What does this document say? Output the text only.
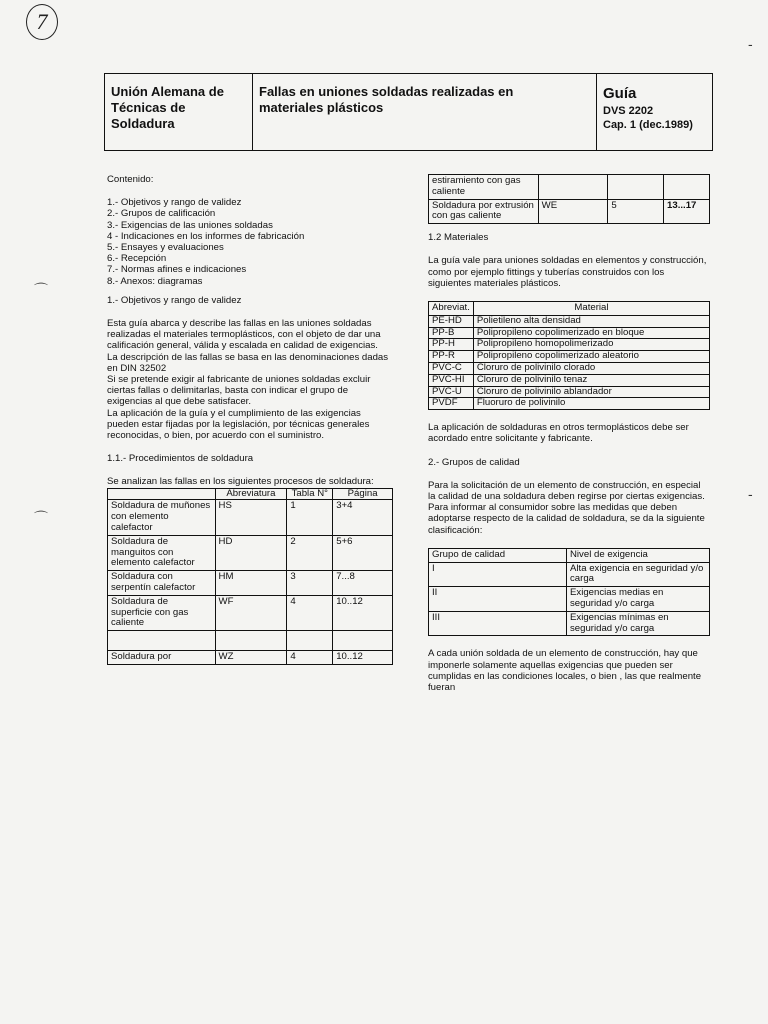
7
Unión Alemana de
Técnicas de
Soldadura
Fallas en uniones soldadas realizadas en
materiales plásticos
Guía
DVS 2202
Cap. 1 (dec.1989)

Contenido:

1.- Objetivos y rango de validez

2.- Grupos de calificación

3.- Exigencias de las uniones soldadas

4 - Indicaciones en los informes de fabricación

5.- Ensayes y evaluaciones

6.- Recepción

7.- Normas afines e indicaciones

8.- Anexos: diagramas

1.- Objetivos y rango de validez

Esta guía abarca y describe las fallas en las uniones soldadas realizadas el materiales termoplásticos, con el objeto de dar una calificación general, válida y escalada en calidad de exigencias.

La descripción de las fallas se basa en las denominaciones dadas en DIN 32502

Si se pretende exigir al fabricante de uniones soldadas excluir ciertas fallas o delimitarlas, basta con indicar el grupo de exigencias al que debe satisfacer.

La aplicación de la guía y el cumplimiento de las exigencias pueden estar fijadas por la legislación, por técnicas generales reconocidas, o bien, por acuerdo con el suministro.

1.1.- Procedimientos de soldadura

Se analizan las fallas en los siguientes procesos de soldadura:

	Abreviatura	Tabla N°	Página
Soldadura de muñones con elemento calefactor	HS	1	3+4
Soldadura de manguitos con elemento calefactor	HD	2	5+6
Soldadura con serpentín calefactor	HM	3	7...8
Soldadura de superficie con gas caliente	WF	4	10..12

Soldadura por	WZ	4	10..12
estiramiento con gas caliente			
Soldadura por extrusión con gas caliente	WE	5	13...17

1.2 Materiales

La guía vale para uniones soldadas en elementos y construcción, como por ejemplo fittings y tuberías construidos con los siguientes materiales plásticos.

Abreviat.	Material
PE-HD	Polietileno alta densidad
PP-B	Polipropileno copolimerizado en bloque
PP-H	Polipropileno homopolimerizado
PP-R	Polipropileno copolimerizado aleatorio
PVC-C	Cloruro de polivinilo clorado
PVC-HI	Cloruro de polivinilo tenaz
PVC-U	Cloruro de polivinilo ablandador
PVDF	Fluoruro de polivinilo

La aplicación de soldaduras en otros termoplásticos debe ser acordado entre solicitante y fabricante.

2.- Grupos de calidad

Para la solicitación de un elemento de construcción, en especial la calidad de una soldadura deben regirse por ciertas exigencias.

Para informar al consumidor sobre las medidas que deben adoptarse respecto de la calidad de soldadura, se da la siguiente clasificación:

Grupo de calidad	Nivel de exigencia
I	Alta exigencia en seguridad y/o carga
II	Exigencias medias en seguridad y/o carga
III	Exigencias mínimas en seguridad y/o carga

A cada unión soldada de un elemento de construcción, hay que imponerle solamente aquellas exigencias que pueden ser cumplidas en las condiciones locales, o bien , las que realmente fueran

⌒
⌒
-
-
